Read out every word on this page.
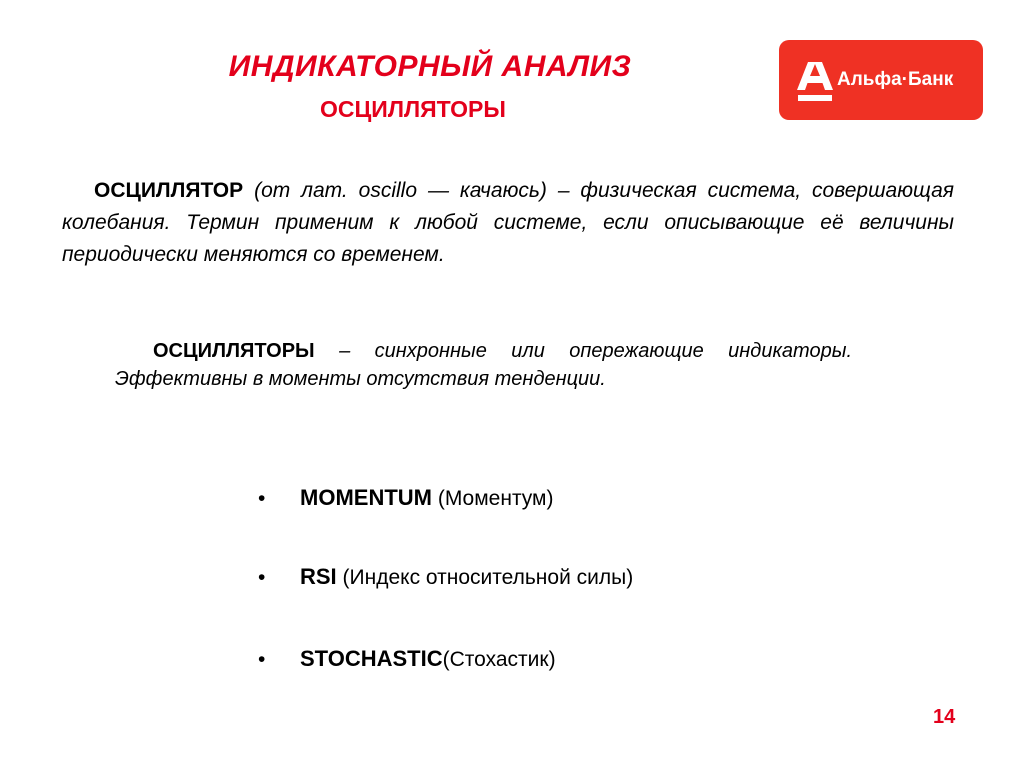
ИНДИКАТОРНЫЙ АНАЛИЗ
ОСЦИЛЛЯТОРЫ
Альфа·Банк
ОСЦИЛЛЯТОР (от лат. oscillo — качаюсь) – физическая система, совершающая колебания. Термин применим к любой системе, если описывающие её величины периодически меняются со временем.
ОСЦИЛЛЯТОРЫ – синхронные или опережающие индикаторы. Эффективны в моменты отсутствия тенденции.
• MOMENTUM (Моментум)
• RSI (Индекс относительной силы)
• STOCHASTIC(Стохастик)
14
